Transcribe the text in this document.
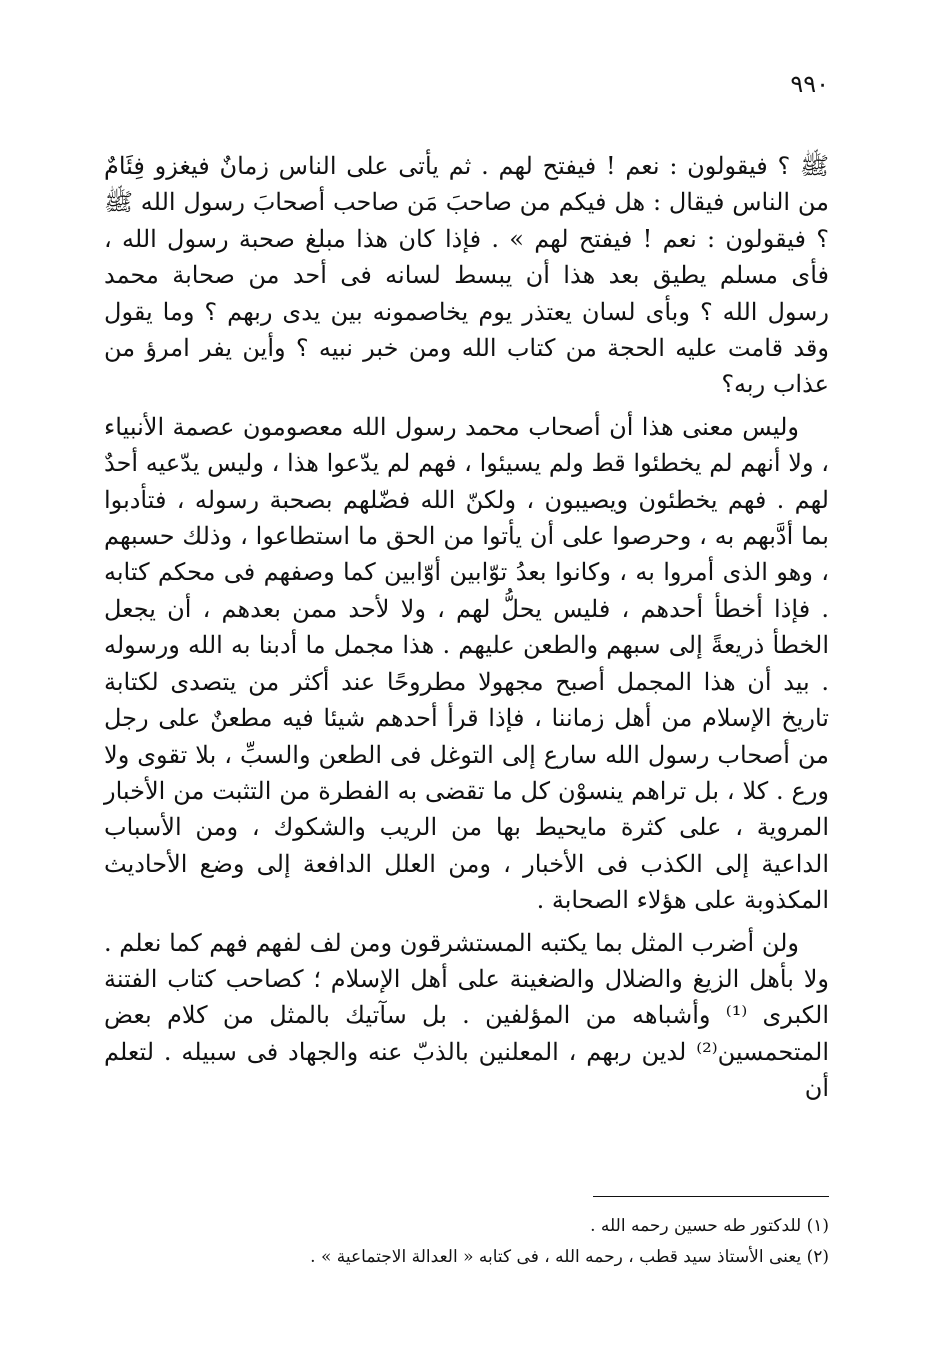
٩٩٠

ﷺ ؟ فيقولون : نعم ! فيفتح لهم . ثم يأتى على الناس زمانٌ فيغزو فِئَامٌ من الناس فيقال : هل فيكم من صاحبَ مَن صاحب أصحابَ رسول الله ﷺ ؟ فيقولون : نعم ! فيفتح لهم » . فإذا كان هذا مبلغ صحبة رسول الله ، فأى مسلم يطيق بعد هذا أن يبسط لسانه فى أحد من صحابة محمد رسول الله ؟ وبأى لسان يعتذر يوم يخاصمونه بين يدى ربهم ؟ وما يقول وقد قامت عليه الحجة من كتاب الله ومن خبر نبيه ؟ وأين يفر امرؤ من عذاب ربه؟

وليس معنى هذا أن أصحاب محمد رسول الله معصومون عصمة الأنبياء ، ولا أنهم لم يخطئوا قط ولم يسيئوا ، فهم لم يدّعوا هذا ، وليس يدّعيه أحدٌ لهم . فهم يخطئون ويصيبون ، ولكنّ الله فضّلهم بصحبة رسوله ، فتأدبوا بما أدَّبهم به ، وحرصوا على أن يأتوا من الحق ما استطاعوا ، وذلك حسبهم ، وهو الذى أمروا به ، وكانوا بعدُ توّابين أوّابين كما وصفهم فى محكم كتابه . فإذا أخطأ أحدهم ، فليس يحلُّ لهم ، ولا لأحد ممن بعدهم ، أن يجعل الخطأ ذريعةً إلى سبهم والطعن عليهم . هذا مجمل ما أدبنا به الله ورسوله . بيد أن هذا المجمل أصبح مجهولا مطروحًا عند أكثر من يتصدى لكتابة تاريخ الإسلام من أهل زماننا ، فإذا قرأ أحدهم شيئا فيه مطعنٌ على رجل من أصحاب رسول الله سارع إلى التوغل فى الطعن والسبِّ ، بلا تقوى ولا ورع . كلا ، بل تراهم ينسوْن كل ما تقضى به الفطرة من التثبت من الأخبار المروية ، على كثرة مايحيط بها من الريب والشكوك ، ومن الأسباب الداعية إلى الكذب فى الأخبار ، ومن العلل الدافعة إلى وضع الأحاديث المكذوبة على هؤلاء الصحابة .

ولن أضرب المثل بما يكتبه المستشرقون ومن لف لفهم فهم كما نعلم . ولا بأهل الزيغ والضلال والضغينة على أهل الإسلام ؛ كصاحب كتاب الفتنة الكبرى ⁽¹⁾ وأشباهه من المؤلفين . بل سآتيك بالمثل من كلام بعض المتحمسين⁽²⁾ لدين ربهم ، المعلنين بالذبّ عنه والجهاد فى سبيله . لتعلم أن

(١) للدكتور طه حسين رحمه الله .

(٢) يعنى الأستاذ سيد قطب ، رحمه الله ، فى كتابه « العدالة الاجتماعية » .
